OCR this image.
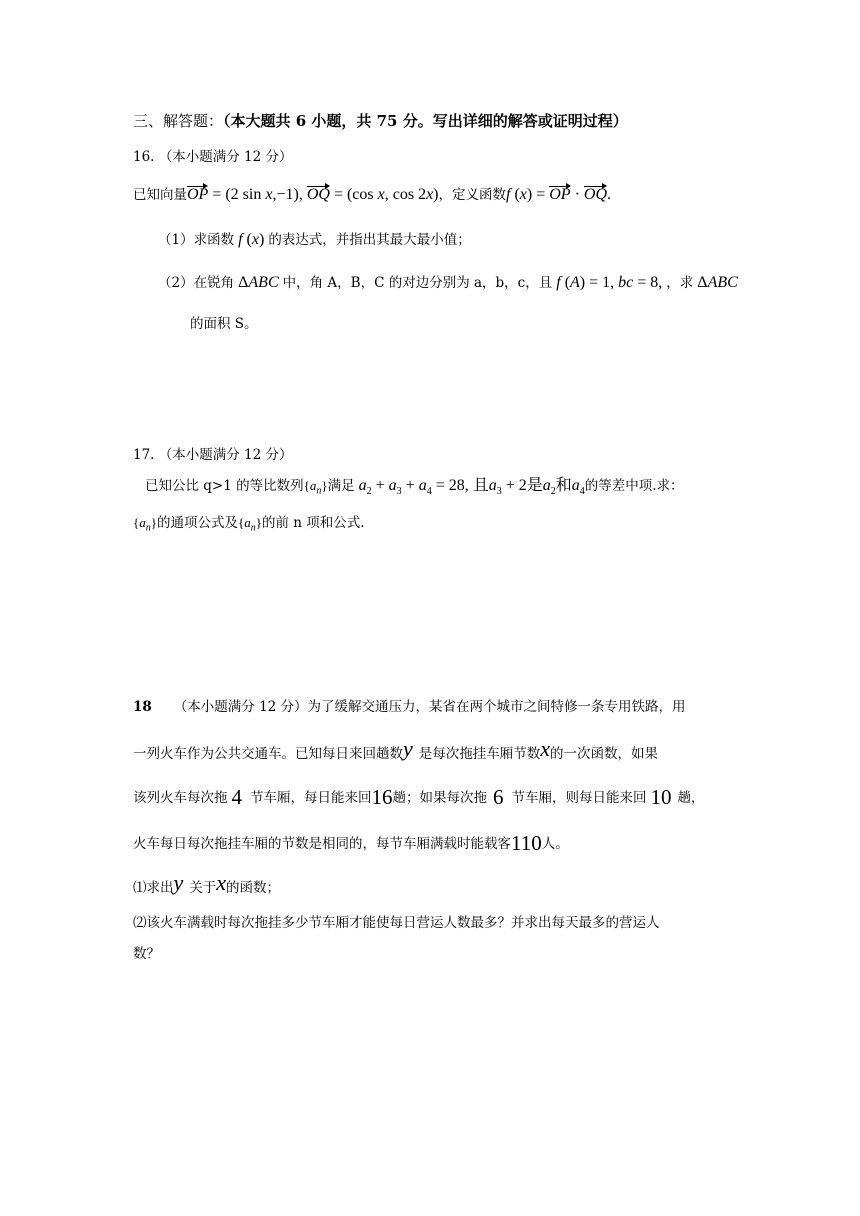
三、解答题：（本大题共 6 小题，共 75 分。写出详细的解答或证明过程）
16. （本小题满分 12 分）
已知向量OP = (2 sin x,−1), OQ = (cos x, cos 2x)，定义函数f (x) = OP · OQ.
（1）求函数 f (x) 的表达式，并指出其最大最小值；
（2）在锐角 ΔABC 中，角 A，B，C 的对边分别为 a，b，c，且 f (A) = 1, bc = 8, ，求 ΔABC
的面积 S。
17. （本小题满分 12 分）
已知公比 q>1 的等比数列$\{a_n\}$满足 $a_2 + a_3 + a_4 = 28$, 且$a_3 + 2$是$a_2$和$a_4$的等差中项.求：
$\{a_n\}$的通项公式及$\{a_n\}$的前 n 项和公式.
18 （本小题满分 12 分）为了缓解交通压力，某省在两个城市之间特修一条专用铁路，用
一列火车作为公共交通车。已知每日来回趟数y 是每次拖挂车厢节数x的一次函数，如果
该列火车每次拖 4 节车厢，每日能来回16趟；如果每次拖 6 节车厢，则每日能来回 10 趟，
火车每日每次拖挂车厢的节数是相同的，每节车厢满载时能载客110人。
⑴求出y 关于x的函数；
⑵该火车满载时每次拖挂多少节车厢才能使每日营运人数最多？并求出每天最多的营运人
数？
